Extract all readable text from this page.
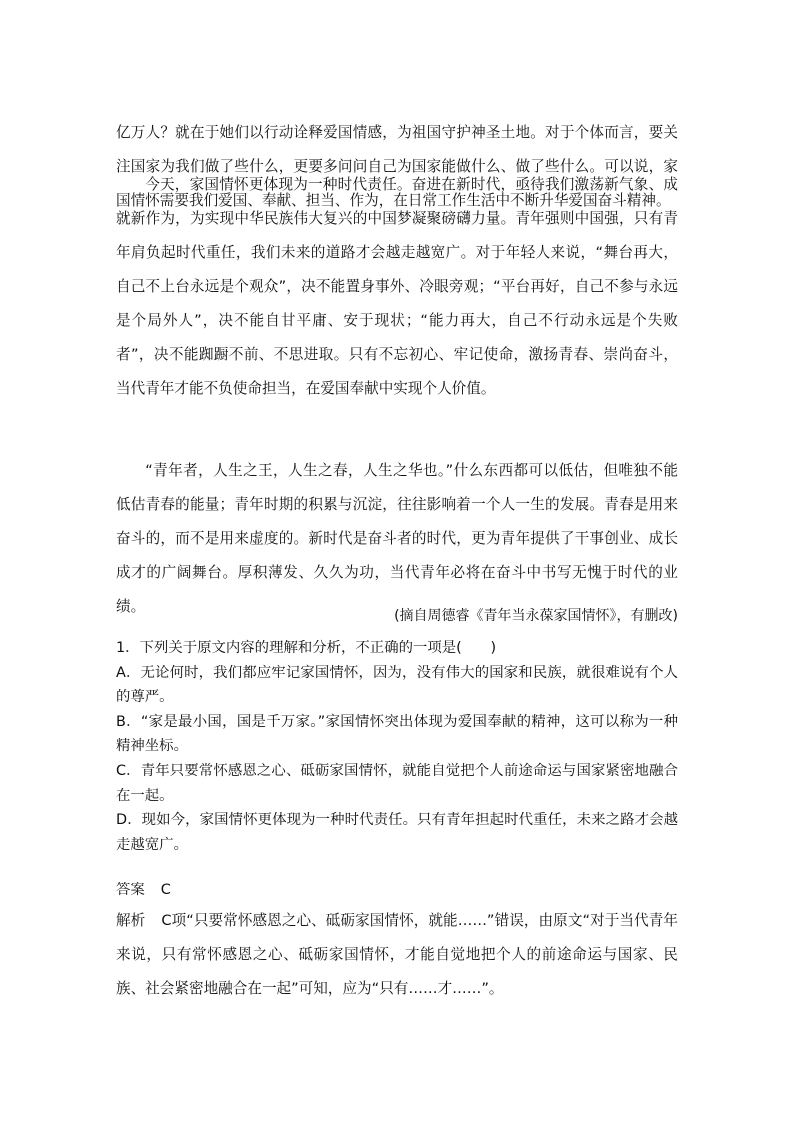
亿万人？就在于她们以行动诠释爱国情感，为祖国守护神圣土地。对于个体而言，要关注国家为我们做了些什么，更要多问问自己为国家能做什么、做了些什么。可以说，家国情怀需要我们爱国、奉献、担当、作为，在日常工作生活中不断升华爱国奋斗精神。

今天，家国情怀更体现为一种时代责任。奋进在新时代，亟待我们激荡新气象、成就新作为，为实现中华民族伟大复兴的中国梦凝聚磅礴力量。青年强则中国强，只有青年肩负起时代重任，我们未来的道路才会越走越宽广。对于年轻人来说，“舞台再大，自己不上台永远是个观众”，决不能置身事外、冷眼旁观；“平台再好，自己不参与永远是个局外人”，决不能自甘平庸、安于现状；“能力再大，自己不行动永远是个失败者”，决不能踟蹰不前、不思进取。只有不忘初心、牢记使命，激扬青春、崇尚奋斗，当代青年才能不负使命担当，在爱国奉献中实现个人价值。

“青年者，人生之王，人生之春，人生之华也。”什么东西都可以低估，但唯独不能低估青春的能量；青年时期的积累与沉淀，往往影响着一个人一生的发展。青春是用来奋斗的，而不是用来虚度的。新时代是奋斗者的时代，更为青年提供了干事创业、成长成才的广阔舞台。厚积薄发、久久为功，当代青年必将在奋斗中书写无愧于时代的业绩。

(摘自周德睿《青年当永葆家国情怀》，有删改)

1．下列关于原文内容的理解和分析，不正确的一项是(　　)
A．无论何时，我们都应牢记家国情怀，因为，没有伟大的国家和民族，就很难说有个人的尊严。
B．“家是最小国，国是千万家。”家国情怀突出体现为爱国奉献的精神，这可以称为一种精神坐标。
C．青年只要常怀感恩之心、砥砺家国情怀，就能自觉把个人前途命运与国家紧密地融合在一起。
D．现如今，家国情怀更体现为一种时代责任。只有青年担起时代重任，未来之路才会越走越宽广。

答案 C

解析 C项“只要常怀感恩之心、砥砺家国情怀，就能……”错误，由原文“对于当代青年来说，只有常怀感恩之心、砥砺家国情怀，才能自觉地把个人的前途命运与国家、民族、社会紧密地融合在一起”可知，应为“只有……才……”。
